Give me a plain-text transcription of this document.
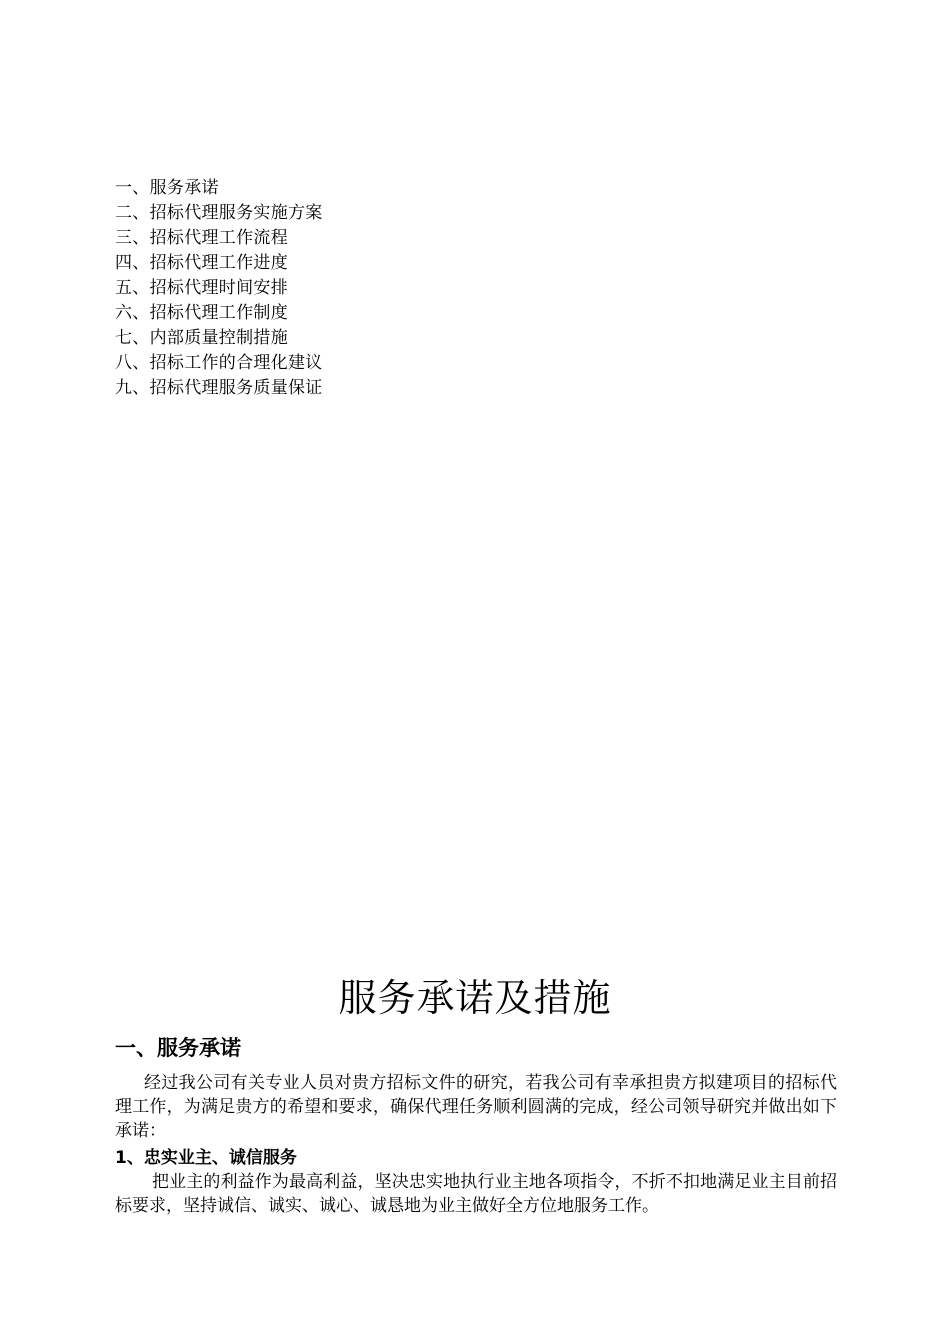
一、服务承诺
二、招标代理服务实施方案
三、招标代理工作流程
四、招标代理工作进度
五、招标代理时间安排
六、招标代理工作制度
七、内部质量控制措施
八、招标工作的合理化建议
九、招标代理服务质量保证
服务承诺及措施
一、服务承诺

经过我公司有关专业人员对贵方招标文件的研究，若我公司有幸承担贵方拟建项目的招标代理工作，为满足贵方的希望和要求，确保代理任务顺利圆满的完成，经公司领导研究并做出如下承诺：

1、忠实业主、诚信服务

把业主的利益作为最高利益，坚决忠实地执行业主地各项指令，不折不扣地满足业主目前招标要求，坚持诚信、诚实、诚心、诚恳地为业主做好全方位地服务工作。
